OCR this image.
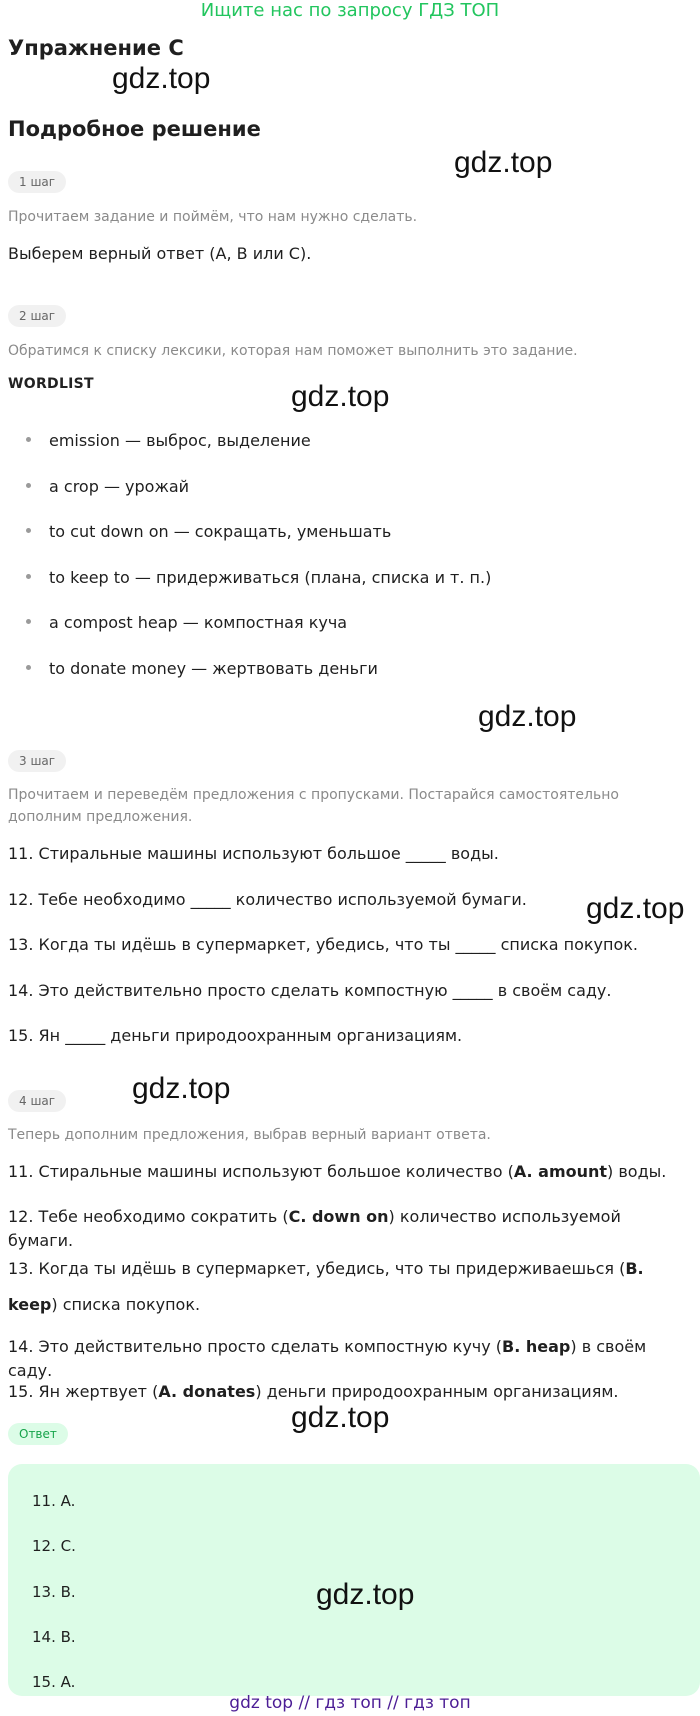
Ищите нас по запросу ГДЗ ТОП
Упражнение C
gdz.top
Подробное решение
gdz.top
1 шаг
Прочитаем задание и поймём, что нам нужно сделать.
Выберем верный ответ (A, B или C).
2 шаг
Обратимся к списку лексики, которая нам поможет выполнить это задание.
WORDLIST	gdz.top
emission — выброс, выделение
a crop — урожай
to cut down on — сокращать, уменьшать
to keep to — придерживаться (плана, списка и т. п.)
a compost heap — компостная куча
to donate money — жертвовать деньги
gdz.top
3 шаг
Прочитаем и переведём предложения с пропусками. Постарайся самостоятельно дополним предложения.
11. Стиральные машины используют большое _____ воды.
12. Тебе необходимо _____ количество используемой бумаги.	gdz.top
13. Когда ты идёшь в супермаркет, убедись, что ты _____ списка покупок.
14. Это действительно просто сделать компостную _____ в своём саду.
15. Ян _____ деньги природоохранным организациям.
gdz.top
4 шаг
Теперь дополним предложения, выбрав верный вариант ответа.
11. Стиральные машины используют большое количество (A. amount) воды.
12. Тебе необходимо сократить (C. down on) количество используемой бумаги.
13. Когда ты идёшь в супермаркет, убедись, что ты придерживаешься (B. keep) списка покупок.
14. Это действительно просто сделать компостную кучу (B. heap) в своём саду.
15. Ян жертвует (A. donates) деньги природоохранным организациям.
gdz.top
Ответ
11. A.
12. C.
13. B.	gdz.top
14. B.
15. A.
gdz top // гдз топ // гдз топ
